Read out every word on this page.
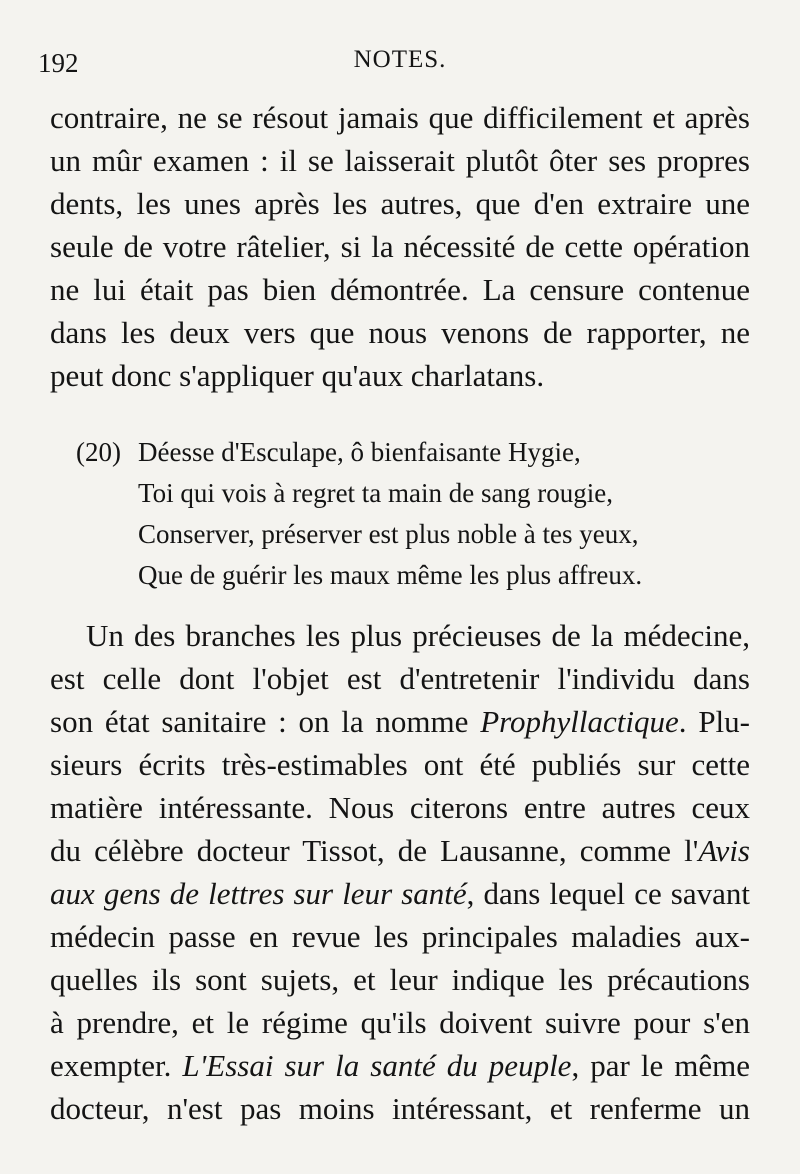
192	NOTES.
contraire, ne se résout jamais que difficilement et après
un mûr examen : il se laisserait plutôt ôter ses propres
dents, les unes après les autres, que d'en extraire une
seule de votre râtelier, si la nécessité de cette opération
ne lui était pas bien démontrée. La censure contenue
dans les deux vers que nous venons de rapporter, ne
peut donc s'appliquer qu'aux charlatans.
(20) Déesse d'Esculape, ô bienfaisante Hygie,
Toi qui vois à regret ta main de sang rougie,
Conserver, préserver est plus noble à tes yeux,
Que de guérir les maux même les plus affreux.
Un des branches les plus précieuses de la médecine,
est celle dont l'objet est d'entretenir l'individu dans
son état sanitaire : on la nomme Prophyllactique. Plu-
sieurs écrits très-estimables ont été publiés sur cette
matière intéressante. Nous citerons entre autres ceux
du célèbre docteur Tissot, de Lausanne, comme l'Avis
aux gens de lettres sur leur santé, dans lequel ce savant
médecin passe en revue les principales maladies aux-
quelles ils sont sujets, et leur indique les précautions
à prendre, et le régime qu'ils doivent suivre pour s'en
exempter. L'Essai sur la santé du peuple, par le même
docteur, n'est pas moins intéressant, et renferme un
